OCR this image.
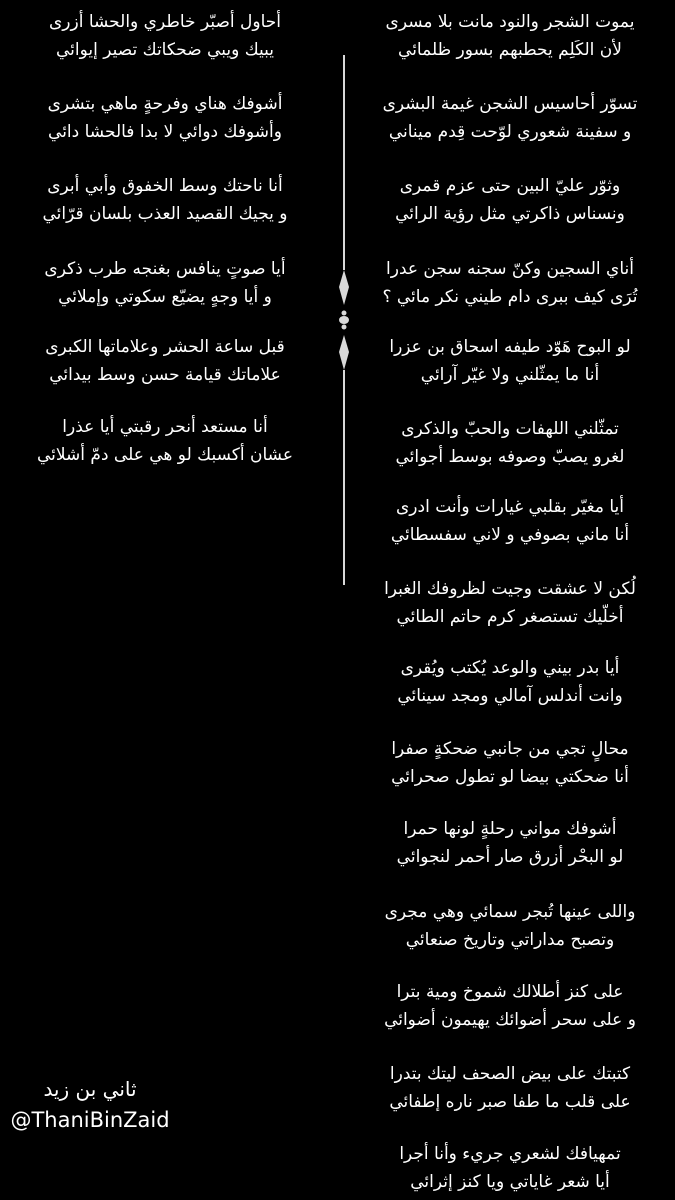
يموت الشجر والنود مانت بلا مسرى
لأن الكَلِم يحطبهم بسور ظلمائي
تسوّر أحاسيس الشجن غيمة البشرى
و سفينة شعوري لوّحت قِدم ميناني
وثوّر عليّ البين حتى عزم قمرى
ونسناس ذاكرتي مثل رؤية الرائي
أناي السجين وكنّ سجنه سجن عدرا
تُرَى كيف ببرى دام طيني نكر مائي ؟
لو البوح هَوّد طيفه اسحاق بن عزرا
أنا ما يمثّلني ولا غيّر آرائي
تمثّلني اللهفات والحبّ والذكرى
لغرو يصبّ وصوفه بوسط أجوائي
أيا مغيّر بقلبي غيارات وأنت ادرى
أنا ماني بصوفي و لاني سفسطائي
لُكن لا عشقت وجيت لظروفك الغبرا
أخلّيك تستصغر كرم حاتم الطائي
أيا بدر بيني والوعد يُكتب ويُقرى
وانت أندلس آمالي ومجد سينائي
محالٍ تجي من جانبي ضحكةٍ صفرا
أنا ضحكتي بيضا لو تطول صحرائي
أشوفك مواني رحلةٍ لونها حمرا
لو البحْر أزرق صار أحمر لنجوائي
واللى عينها تُبجر سمائي وهي مجرى
وتصبح مداراتي وتاريخ صنعائي
على كنز أطلالك شموخ ومية بترا
و على سحر أضوائك يهيمون أضوائي
كتبتك على بيض الصحف ليتك بتدرا
على قلب ما طفا صبر ناره إطفائي
تمهيافك لشعري جريء وأنا أجرا
أيا شعر غاياتي ويا كنز إثرائي
أحاول أصبّر خاطري والحشا أزرى
يبيك ويبي ضحكاتك تصير إيوائي
أشوفك هناي وفرحةٍ ماهي بتشرى
وأشوفك دوائي لا بدا فالحشا دائي
أنا ناحتك وسط الخفوق وأبي أبرى
و يجيك القصيد العذب بلسان قرّائي
أيا صوتٍ ينافس بغنجه طرب ذكرى
و أيا وجهٍ يضيّع سكوتي وإملائي
قبل ساعة الحشر وعلاماتها الكبرى
علاماتك قيامة حسن وسط بيدائي
أنا مستعد أنحر رقبتي أيا عذرا
عشان أكسبك لو هي على دمّ أشلائي
ثاني بن زيد
@ThaniBinZaid
